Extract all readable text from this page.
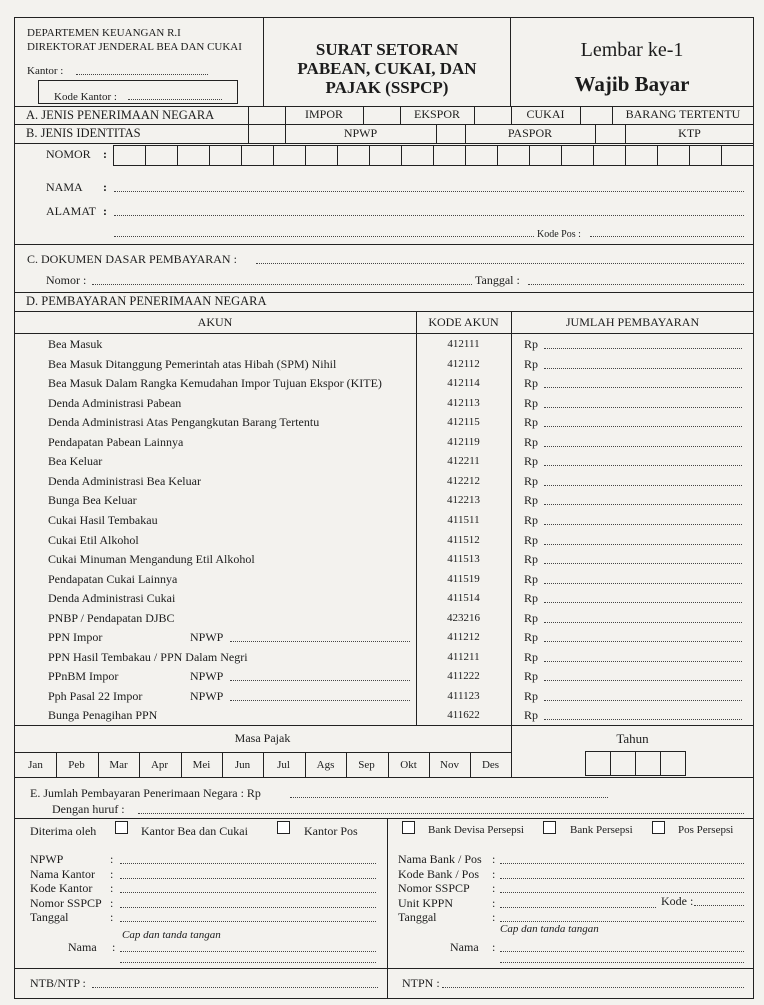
DEPARTEMEN KEUANGAN R.I
DIREKTORAT JENDERAL BEA DAN CUKAI
Kantor :
Kode Kantor :
SURAT SETORAN
PABEAN, CUKAI, DAN
PAJAK (SSPCP)
Lembar ke-1
Wajib Bayar
A. JENIS PENERIMAAN NEGARA	IMPOR	EKSPOR	CUKAI	BARANG TERTENTU
B. JENIS IDENTITAS	NPWP	PASPOR	KTP
NOMOR :
NAMA :
ALAMAT :
Kode Pos :
C. DOKUMEN DASAR PEMBAYARAN :
Nomor :	Tanggal :
D. PEMBAYARAN PENERIMAAN NEGARA
AKUN	KODE AKUN	JUMLAH PEMBAYARAN
Bea Masuk	412111	Rp
Bea Masuk Ditanggung Pemerintah atas Hibah (SPM) Nihil	412112	Rp
Bea Masuk Dalam Rangka Kemudahan Impor Tujuan Ekspor (KITE)	412114	Rp
Denda Administrasi Pabean	412113	Rp
Denda Administrasi Atas Pengangkutan Barang Tertentu	412115	Rp
Pendapatan Pabean Lainnya	412119	Rp
Bea Keluar	412211	Rp
Denda Administrasi Bea Keluar	412212	Rp
Bunga Bea Keluar	412213	Rp
Cukai Hasil Tembakau	411511	Rp
Cukai Etil Alkohol	411512	Rp
Cukai Minuman Mengandung Etil Alkohol	411513	Rp
Pendapatan Cukai Lainnya	411519	Rp
Denda Administrasi Cukai	411514	Rp
PNBP / Pendapatan DJBC	423216	Rp
PPN Impor	NPWP	411212	Rp
PPN Hasil Tembakau / PPN Dalam Negri	411211	Rp
PPnBM Impor	NPWP	411222	Rp
Pph Pasal 22 Impor	NPWP	411123	Rp
Bunga Penagihan PPN	411622	Rp
Masa Pajak
Jan	Peb	Mar	Apr	Mei	Jun	Jul	Ags	Sep	Okt	Nov	Des
Tahun
E. Jumlah Pembayaran Penerimaan Negara : Rp
Dengan huruf :
Diterima oleh	Kantor Bea dan Cukai	Kantor Pos	Bank Devisa Persepsi	Bank Persepsi	Pos Persepsi
NPWP	:
Nama Kantor :
Kode Kantor :
Nomor SSPCP :
Tanggal	:
Nama Bank / Pos :
Kode Bank / Pos :
Nomor SSPCP :
Unit KPPN	:
Tanggal	:
Kode :
Cap dan tanda tangan
Nama :
Cap dan tanda tangan
Nama :
NTB/NTP :	NTPN :
